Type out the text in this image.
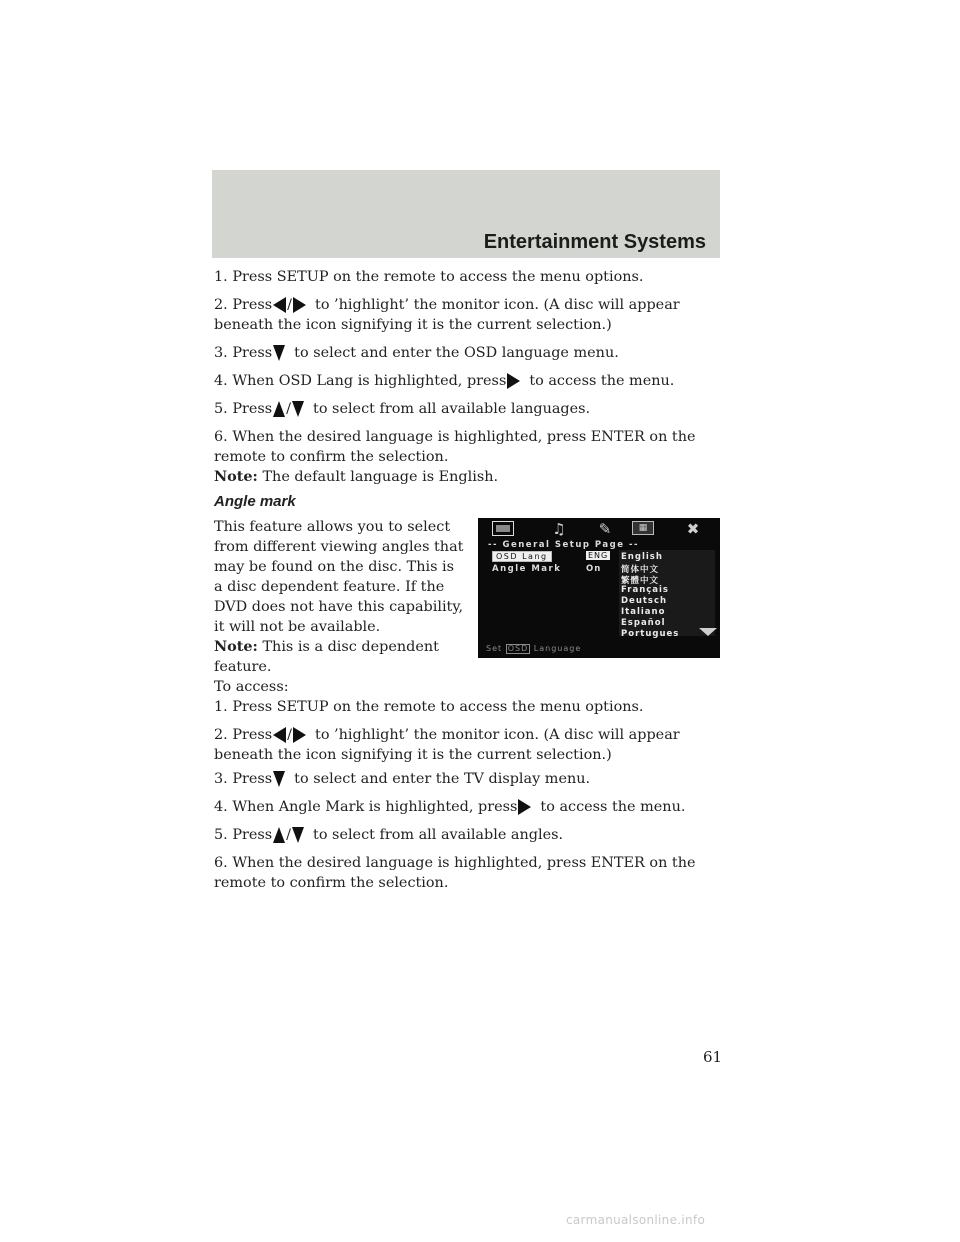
Entertainment Systems

1. Press SETUP on the remote to access the menu options.

2. Press / to ’highlight’ the monitor icon. (A disc will appear
beneath the icon signifying it is the current selection.)

3. Press to select and enter the OSD language menu.

4. When OSD Lang is highlighted, press to access the menu.

5. Press / to select from all available languages.

6. When the desired language is highlighted, press ENTER on the remote to confirm the selection.

Note: The default language is English.

Angle mark

This feature allows you to select from different viewing angles that may be found on the disc. This is a disc dependent feature. If the DVD does not have this capability, it will not be available.
Note: This is a disc dependent feature.
To access:

♫	✎	▦	✖
-- General Setup Page --
OSD Lang	ENG
Angle Mark	On
English
简体中文
繁體中文
Français
Deutsch
Italiano
Español
Portugues
Set OSD Language

1. Press SETUP on the remote to access the menu options.

2. Press / to ’highlight’ the monitor icon. (A disc will appear
beneath the icon signifying it is the current selection.)

3. Press to select and enter the TV display menu.

4. When Angle Mark is highlighted, press to access the menu.

5. Press / to select from all available angles.

6. When the desired language is highlighted, press ENTER on the remote to confirm the selection.

61
carmanualsonline.info
